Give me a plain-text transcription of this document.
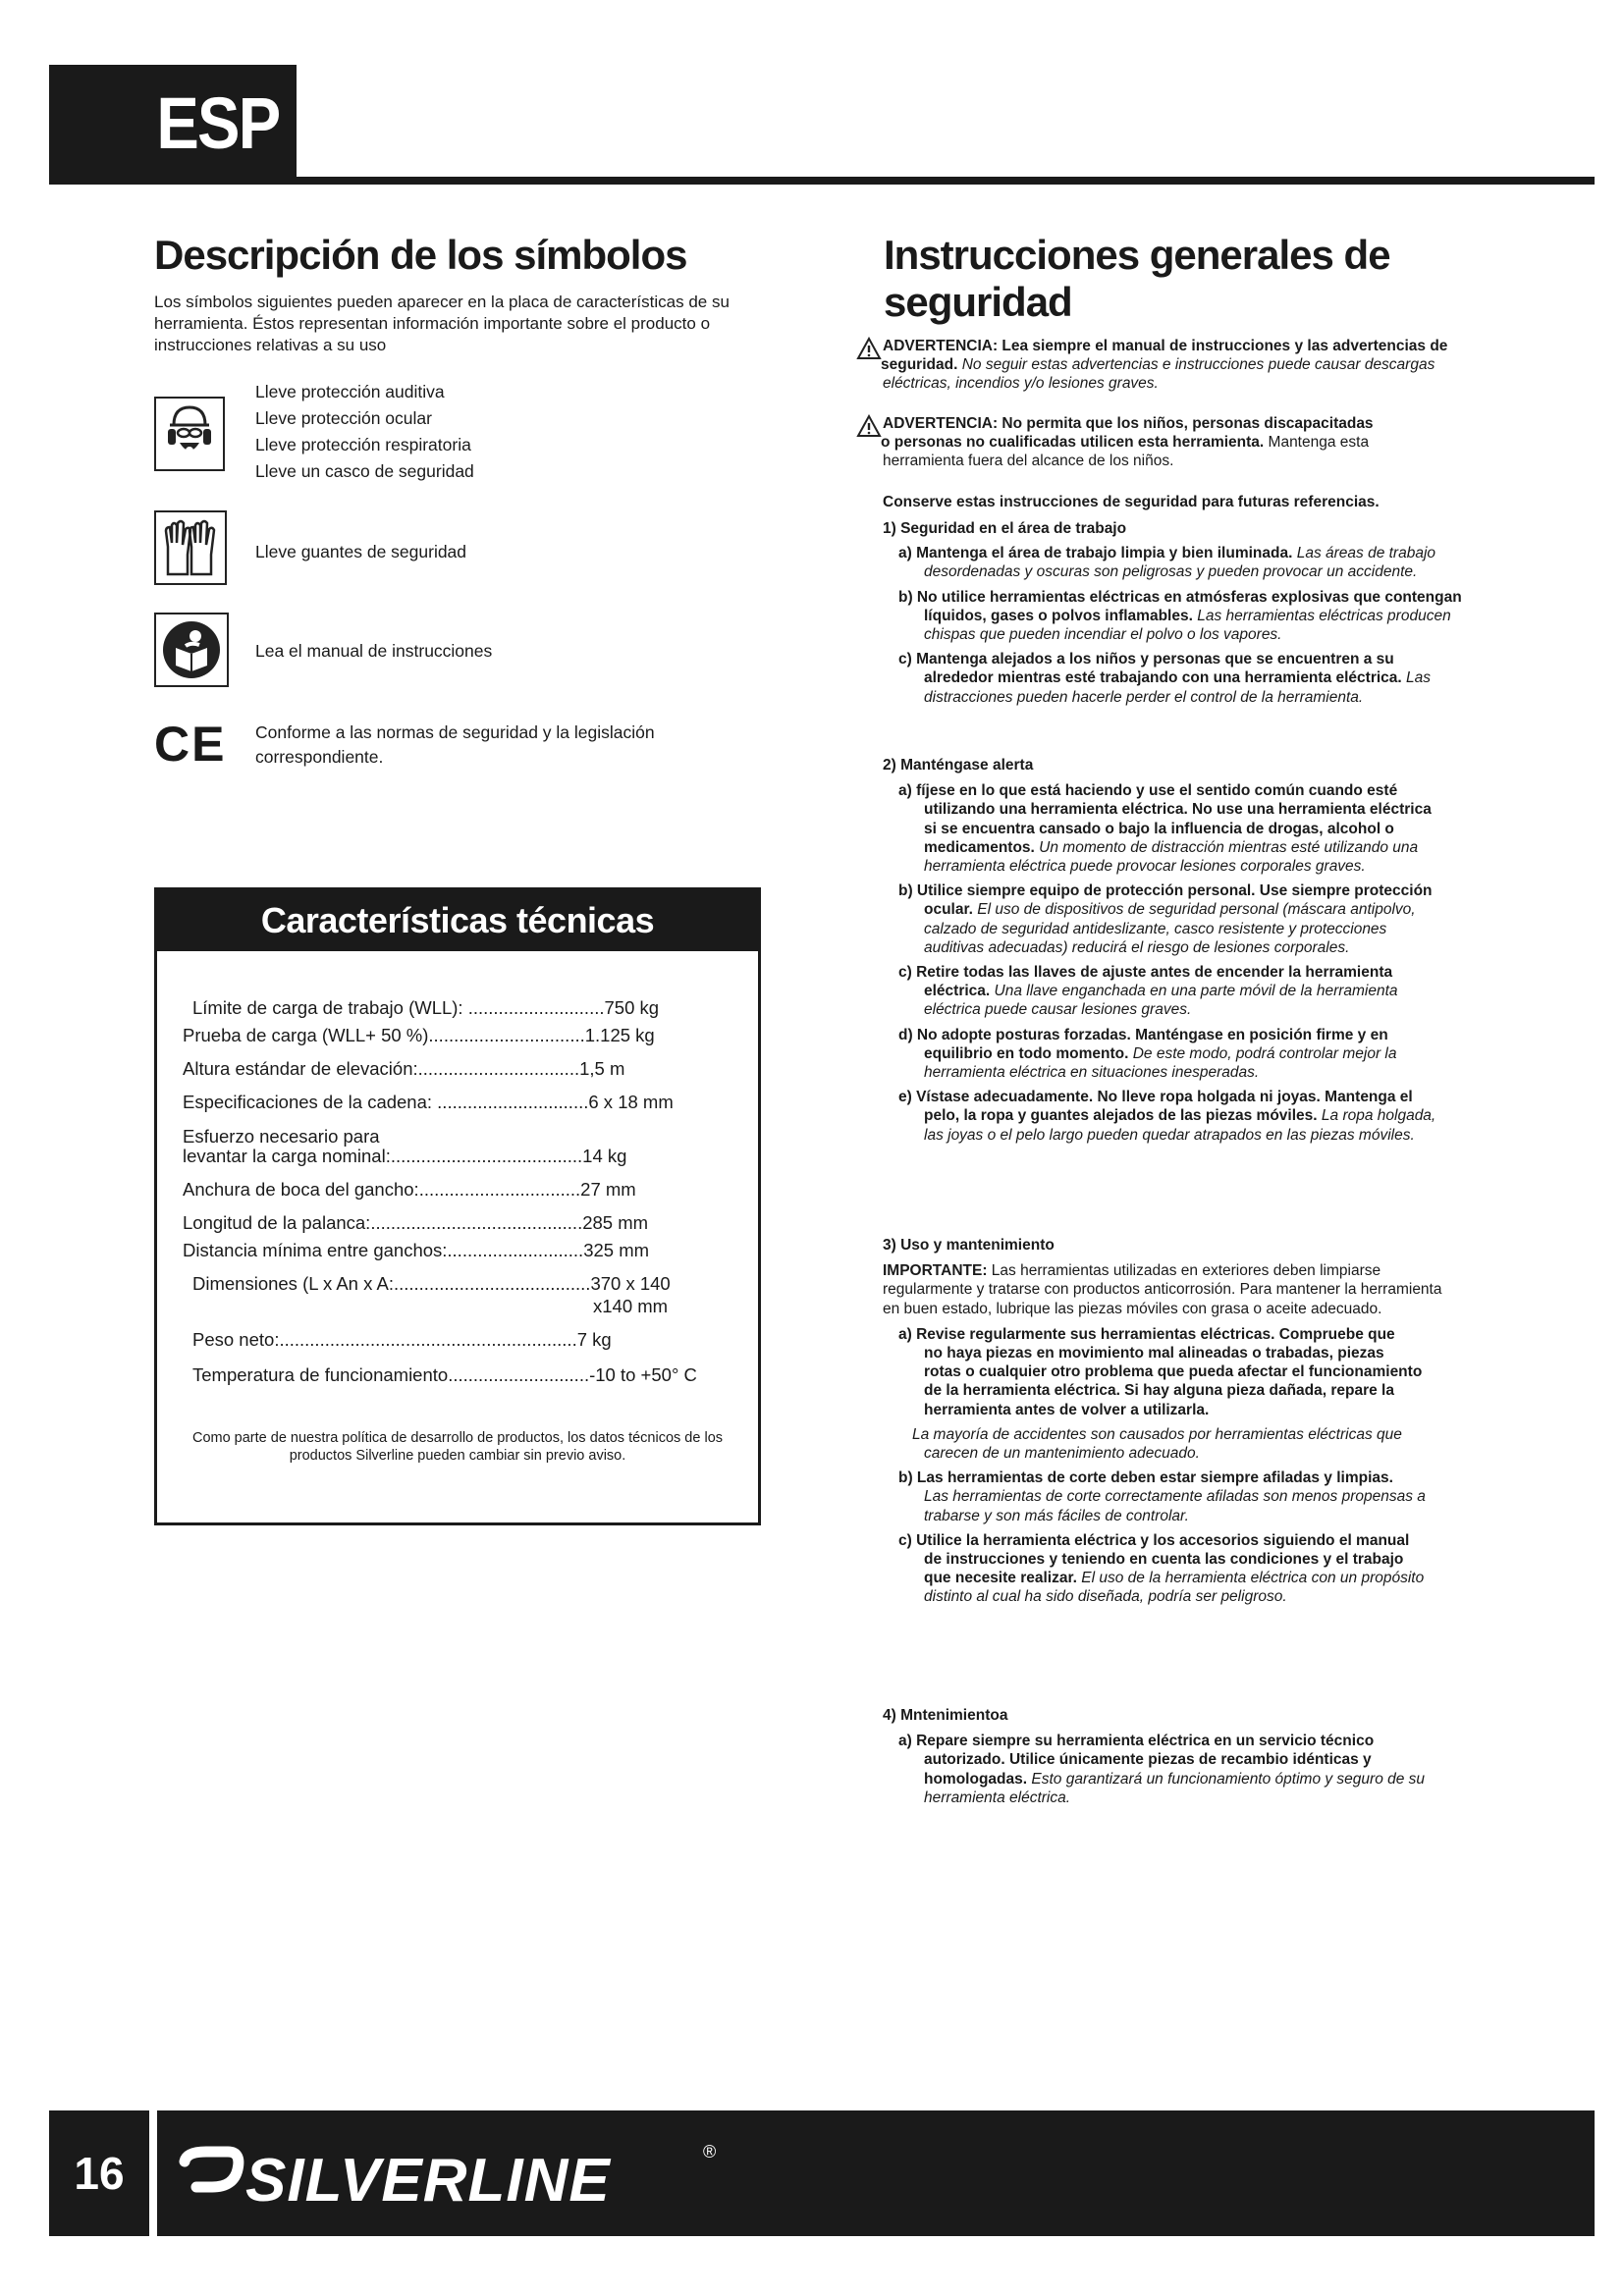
ESP
Descripción de los símbolos
Los símbolos siguientes pueden aparecer en la placa de características de su herramienta. Éstos representan información importante sobre el producto o instrucciones relativas a su uso
Lleve protección auditiva
Lleve protección ocular
Lleve protección respiratoria
Lleve un casco de seguridad
Lleve guantes de seguridad
Lea el manual de instrucciones
CE	Conforme a las normas de seguridad y la legislación correspondiente.
Características técnicas
Límite de carga de trabajo (WLL): ...........................750 kg
Prueba de carga (WLL+ 50 %)...............................1.125 kg
Altura estándar de elevación:................................1,5 m
Especificaciones de la cadena: ..............................6 x 18 mm
Esfuerzo necesario para
levantar la carga nominal:......................................14 kg
Anchura de boca del gancho:................................27 mm
Longitud de la palanca:..........................................285 mm
Distancia mínima entre ganchos:...........................325 mm
Dimensiones (L x An x A:.......................................370 x 140
x140 mm
Peso neto:...........................................................7 kg
Temperatura de funcionamiento............................-10 to +50° C
Como parte de nuestra política de desarrollo de productos, los datos técnicos de los productos Silverline pueden cambiar sin previo aviso.
Instrucciones generales de
seguridad
ADVERTENCIA: Lea siempre el manual de instrucciones y las advertencias de
seguridad. No seguir estas advertencias e instrucciones puede causar descargas
eléctricas, incendios y/o lesiones graves.
ADVERTENCIA: No permita que los niños, personas discapacitadas
o personas no cualificadas utilicen esta herramienta. Mantenga esta
herramienta fuera del alcance de los niños.
Conserve estas instrucciones de seguridad para futuras referencias.
1) Seguridad en el área de trabajo
a) Mantenga el área de trabajo limpia y bien iluminada. Las áreas de trabajo
desordenadas y oscuras son peligrosas y pueden provocar un accidente.
b) No utilice herramientas eléctricas en atmósferas explosivas que contengan
líquidos, gases o polvos inflamables. Las herramientas eléctricas producen
chispas que pueden incendiar el polvo o los vapores.
c) Mantenga alejados a los niños y personas que se encuentren a su
alrededor mientras esté trabajando con una herramienta eléctrica. Las
distracciones pueden hacerle perder el control de la herramienta.
2) Manténgase alerta
a) fíjese en lo que está haciendo y use el sentido común cuando esté
utilizando una herramienta eléctrica. No use una herramienta eléctrica
si se encuentra cansado o bajo la influencia de drogas, alcohol o
medicamentos. Un momento de distracción mientras esté utilizando una
herramienta eléctrica puede provocar lesiones corporales graves.
b) Utilice siempre equipo de protección personal. Use siempre protección
ocular. El uso de dispositivos de seguridad personal (máscara antipolvo,
calzado de seguridad antideslizante, casco resistente y protecciones
auditivas adecuadas) reducirá el riesgo de lesiones corporales.
c) Retire todas las llaves de ajuste antes de encender la herramienta
eléctrica. Una llave enganchada en una parte móvil de la herramienta
eléctrica puede causar lesiones graves.
d) No adopte posturas forzadas. Manténgase en posición firme y en
equilibrio en todo momento. De este modo, podrá controlar mejor la
herramienta eléctrica en situaciones inesperadas.
e) Vístase adecuadamente. No lleve ropa holgada ni joyas. Mantenga el
pelo, la ropa y guantes alejados de las piezas móviles. La ropa holgada,
las joyas o el pelo largo pueden quedar atrapados en las piezas móviles.
3) Uso y mantenimiento
IMPORTANTE: Las herramientas utilizadas en exteriores deben limpiarse
regularmente y tratarse con productos anticorrosión. Para mantener la herramienta
en buen estado, lubrique las piezas móviles con grasa o aceite adecuado.
a) Revise regularmente sus herramientas eléctricas. Compruebe que
no haya piezas en movimiento mal alineadas o trabadas, piezas
rotas o cualquier otro problema que pueda afectar el funcionamiento
de la herramienta eléctrica. Si hay alguna pieza dañada, repare la
herramienta antes de volver a utilizarla.
La mayoría de accidentes son causados por herramientas eléctricas que
carecen de un mantenimiento adecuado.
b) Las herramientas de corte deben estar siempre afiladas y limpias.
Las herramientas de corte correctamente afiladas son menos propensas a
trabarse y son más fáciles de controlar.
c) Utilice la herramienta eléctrica y los accesorios siguiendo el manual
de instrucciones y teniendo en cuenta las condiciones y el trabajo
que necesite realizar. El uso de la herramienta eléctrica con un propósito
distinto al cual ha sido diseñada, podría ser peligroso.
4) Mntenimientoa
a) Repare siempre su herramienta eléctrica en un servicio técnico
autorizado. Utilice únicamente piezas de recambio idénticas y
homologadas. Esto garantizará un funcionamiento óptimo y seguro de su
herramienta eléctrica.
16	SILVERLINE	®
